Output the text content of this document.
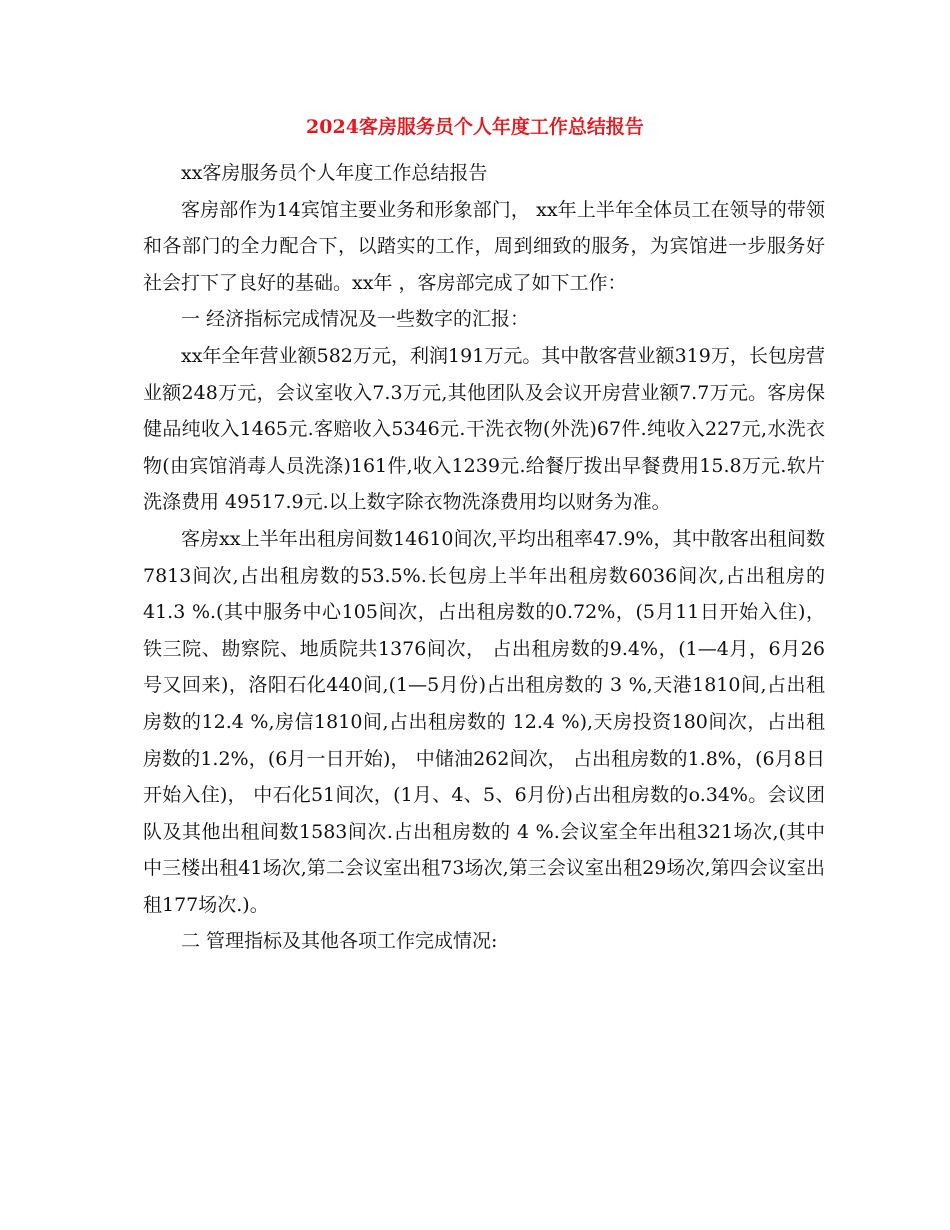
2024客房服务员个人年度工作总结报告

xx客房服务员个人年度工作总结报告

客房部作为14宾馆主要业务和形象部门， xx年上半年全体员工在领导的带领和各部门的全力配合下，以踏实的工作，周到细致的服务，为宾馆进一步服务好社会打下了良好的基础。xx年 ，客房部完成了如下工作：

一 经济指标完成情况及一些数字的汇报：

xx年全年营业额582万元，利润191万元。其中散客营业额319万，长包房营业额248万元，会议室收入7.3万元,其他团队及会议开房营业额7.7万元。客房保健品纯收入1465元.客赔收入5346元.干洗衣物(外洗)67件.纯收入227元,水洗衣物(由宾馆消毒人员洗涤)161件,收入1239元.给餐厅拨出早餐费用15.8万元.软片洗涤费用 49517.9元.以上数字除衣物洗涤费用均以财务为准。

客房xx上半年出租房间数14610间次,平均出租率47.9%，其中散客出租间数7813间次,占出租房数的53.5%.长包房上半年出租房数6036间次,占出租房的 41.3 %.(其中服务中心105间次，占出租房数的0.72%，(5月11日开始入住)，铁三院、勘察院、地质院共1376间次， 占出租房数的9.4%，(1—4月，6月26号又回来)，洛阳石化440间,(1—5月份)占出租房数的 3 %,天港1810间,占出租房数的12.4 %,房信1810间,占出租房数的 12.4 %),天房投资180间次，占出租房数的1.2%，(6月一日开始)， 中储油262间次， 占出租房数的1.8%，(6月8日开始入住)， 中石化51间次，(1月、4、5、6月份)占出租房数的o.34%。会议团队及其他出租间数1583间次.占出租房数的 4 %.会议室全年出租321场次,(其中中三楼出租41场次,第二会议室出租73场次,第三会议室出租29场次,第四会议室出租177场次.)。

二 管理指标及其他各项工作完成情况:
